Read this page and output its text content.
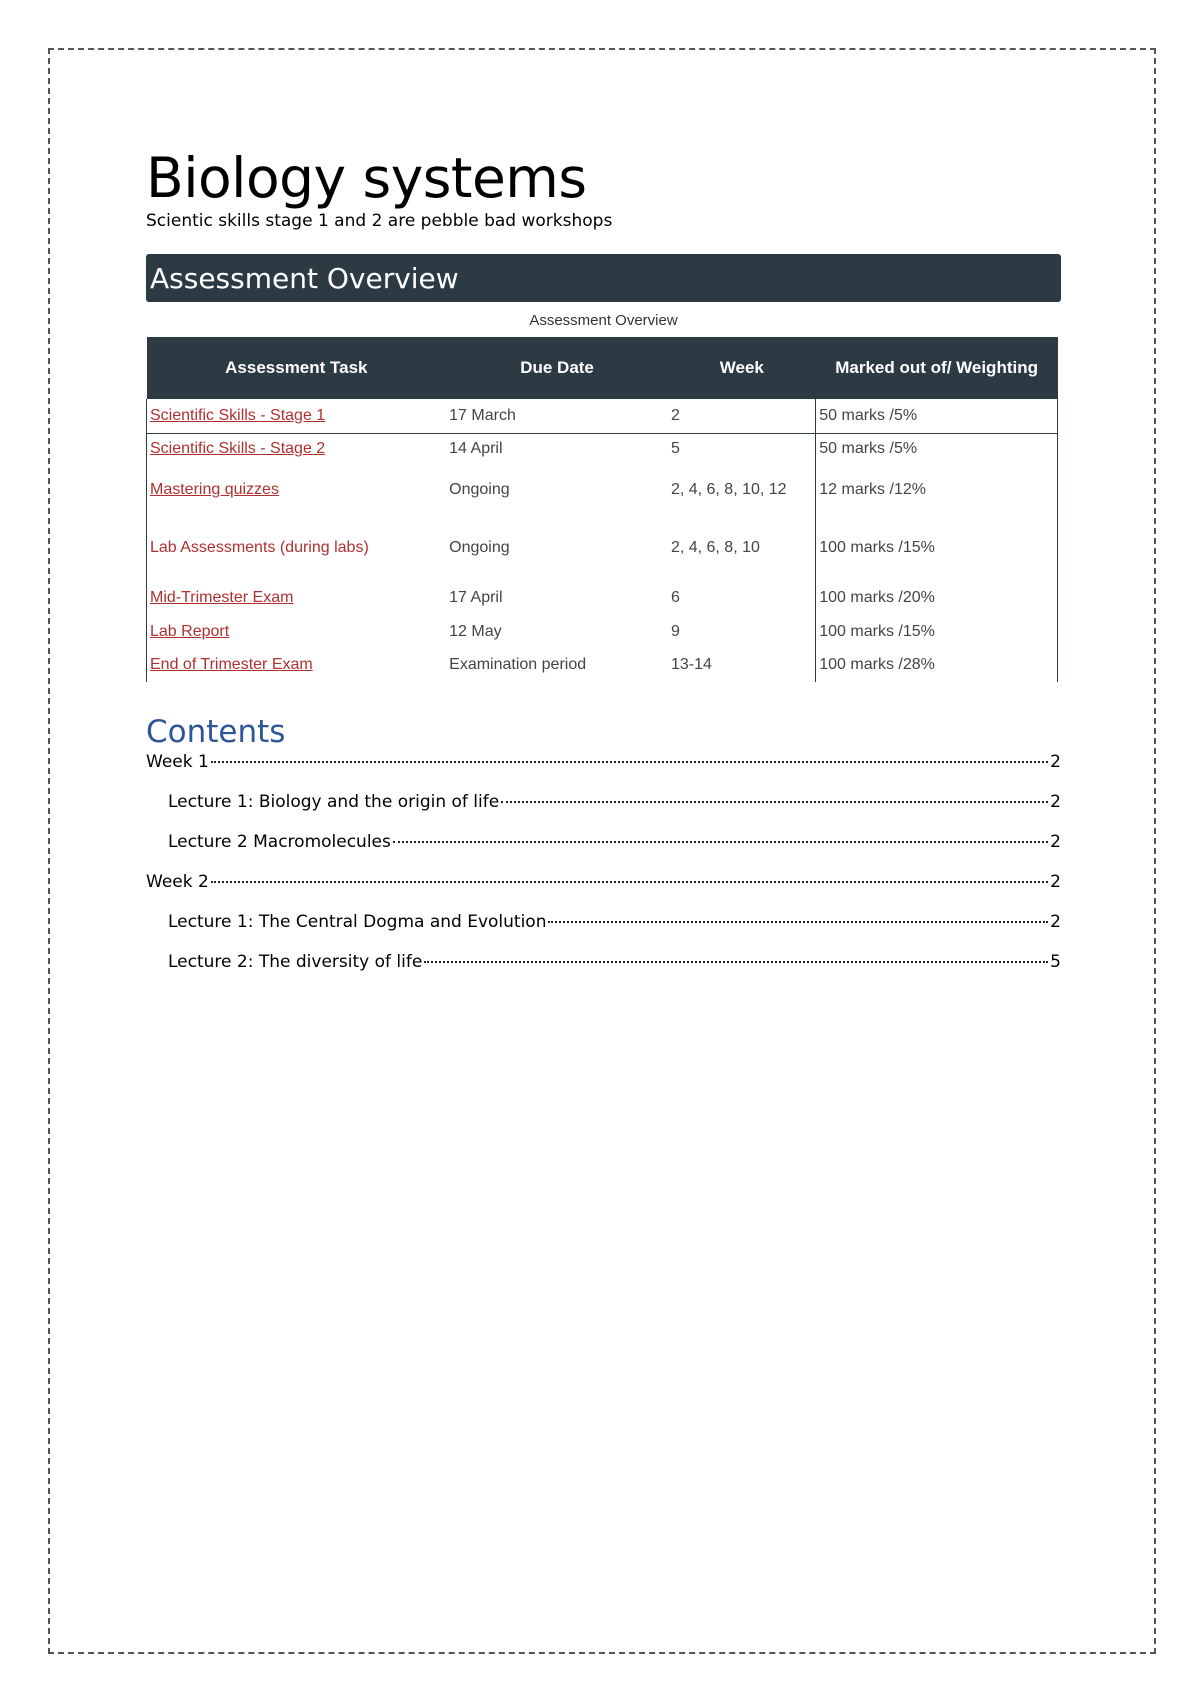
Biology systems
Scientic skills stage 1 and 2 are pebble bad workshops
Assessment Overview
Assessment Overview
Assessment Task	Due Date	Week	Marked out of/ Weighting
Scientific Skills - Stage 1	17 March	2	50 marks /5%
Scientific Skills - Stage 2	14 April	5	50 marks /5%
Mastering quizzes	Ongoing	2, 4, 6, 8, 10, 12	12 marks /12%
Lab Assessments (during labs)	Ongoing	2, 4, 6, 8, 10	100 marks /15%
Mid-Trimester Exam	17 April	6	100 marks /20%
Lab Report	12 May	9	100 marks /15%
End of Trimester Exam	Examination period	13-14	100 marks /28%
Contents
Week 1	2
Lecture 1: Biology and the origin of life	2
Lecture 2 Macromolecules	2
Week 2	2
Lecture 1: The Central Dogma and Evolution	2
Lecture 2: The diversity of life	5
